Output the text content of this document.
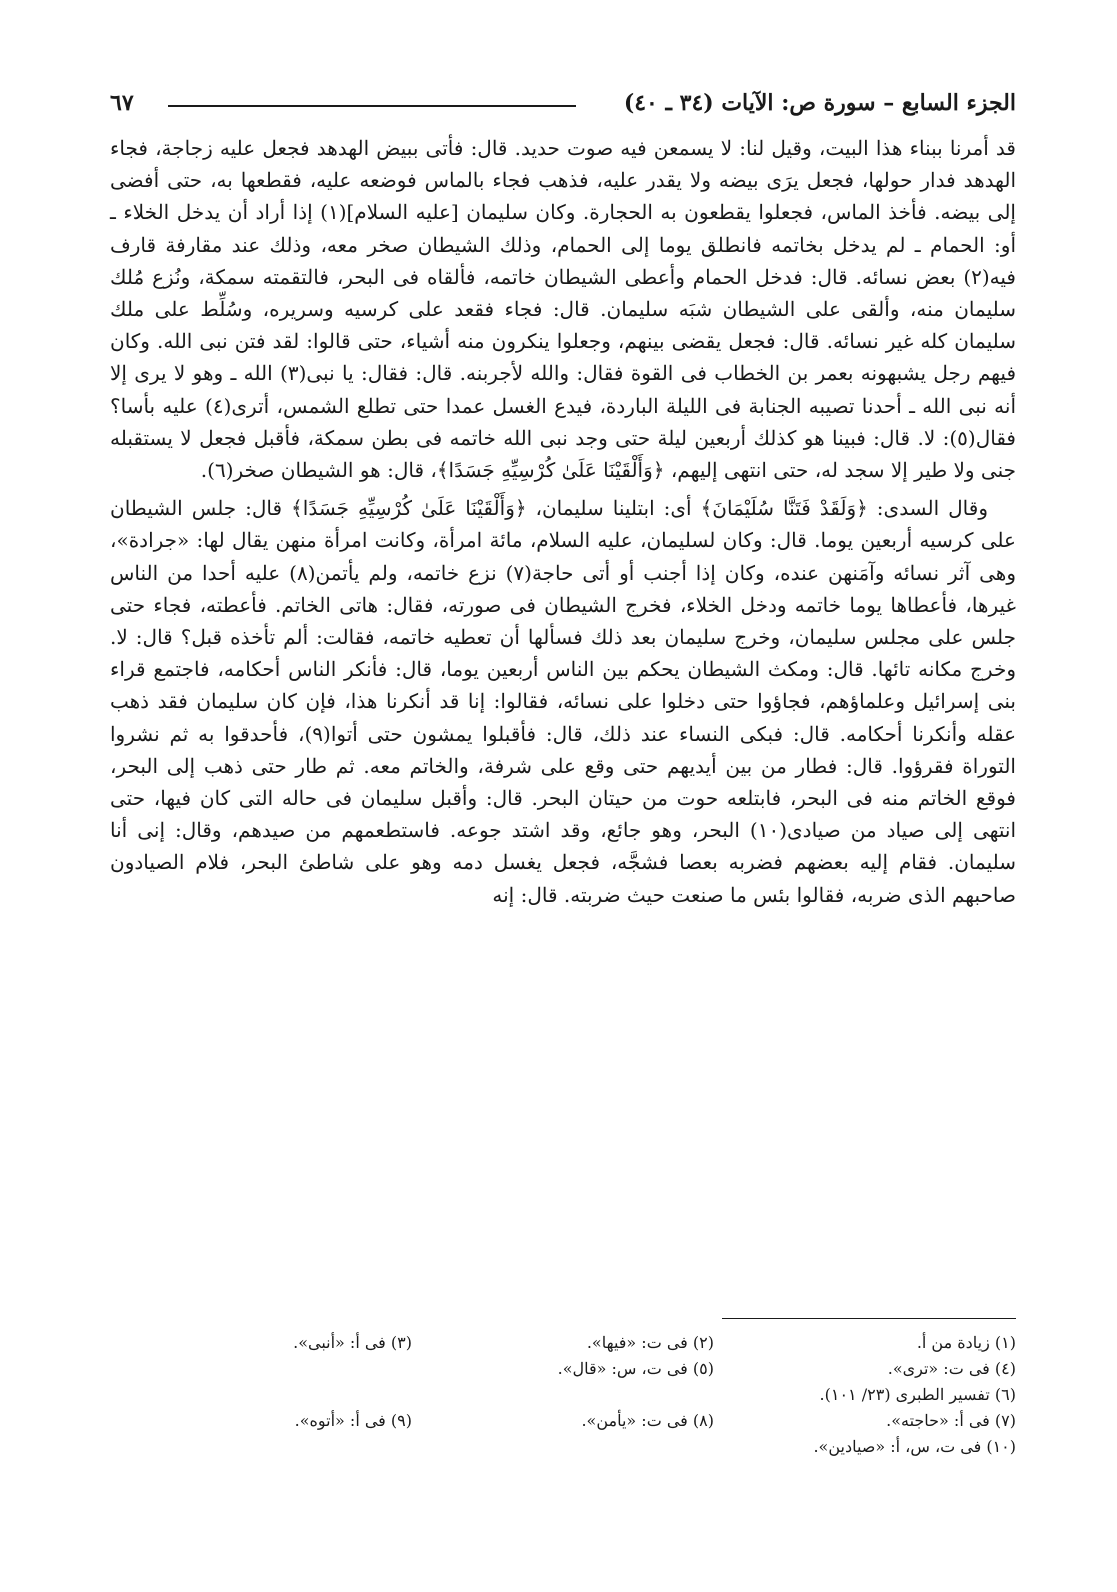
الجزء السابع – سورة ص: الآيات (٣٤ ـ ٤٠)
٦٧

قد أمرنا ببناء هذا البيت، وقيل لنا: لا يسمعن فيه صوت حديد. قال: فأتى ببيض الهدهد فجعل عليه زجاجة، فجاء الهدهد فدار حولها، فجعل يرَى بيضه ولا يقدر عليه، فذهب فجاء بالماس فوضعه عليه، فقطعها به، حتى أفضى إلى بيضه. فأخذ الماس، فجعلوا يقطعون به الحجارة. وكان سليمان [عليه السلام](١) إذا أراد أن يدخل الخلاء ـ أو: الحمام ـ لم يدخل بخاتمه فانطلق يوما إلى الحمام، وذلك الشيطان صخر معه، وذلك عند مقارفة قارف فيه(٢) بعض نسائه. قال: فدخل الحمام وأعطى الشيطان خاتمه، فألقاه فى البحر، فالتقمته سمكة، ونُزع مُلك سليمان منه، وألقى على الشيطان شبَه سليمان. قال: فجاء فقعد على كرسيه وسريره، وسُلِّط على ملك سليمان كله غير نسائه. قال: فجعل يقضى بينهم، وجعلوا ينكرون منه أشياء، حتى قالوا: لقد فتن نبى الله. وكان فيهم رجل يشبهونه بعمر بن الخطاب فى القوة فقال: والله لأجربنه. قال: فقال: يا نبى(٣) الله ـ وهو لا يرى إلا أنه نبى الله ـ أحدنا تصيبه الجنابة فى الليلة الباردة، فيدع الغسل عمدا حتى تطلع الشمس، أترى(٤) عليه بأسا؟ فقال(٥): لا. قال: فبينا هو كذلك أربعين ليلة حتى وجد نبى الله خاتمه فى بطن سمكة، فأقبل فجعل لا يستقبله جنى ولا طير إلا سجد له، حتى انتهى إليهم، ﴿وَأَلْقَيْنَا عَلَىٰ كُرْسِيِّهِ جَسَدًا﴾، قال: هو الشيطان صخر(٦).

وقال السدى: ﴿وَلَقَدْ فَتَنَّا سُلَيْمَانَ﴾ أى: ابتلينا سليمان، ﴿وَأَلْقَيْنَا عَلَىٰ كُرْسِيِّهِ جَسَدًا﴾ قال: جلس الشيطان على كرسيه أربعين يوما. قال: وكان لسليمان، عليه السلام، مائة امرأة، وكانت امرأة منهن يقال لها: «جرادة»، وهى آثر نسائه وآمَنهن عنده، وكان إذا أجنب أو أتى حاجة(٧) نزع خاتمه، ولم يأتمن(٨) عليه أحدا من الناس غيرها، فأعطاها يوما خاتمه ودخل الخلاء، فخرج الشيطان فى صورته، فقال: هاتى الخاتم. فأعطته، فجاء حتى جلس على مجلس سليمان، وخرج سليمان بعد ذلك فسألها أن تعطيه خاتمه، فقالت: ألم تأخذه قبل؟ قال: لا. وخرج مكانه تائها. قال: ومكث الشيطان يحكم بين الناس أربعين يوما، قال: فأنكر الناس أحكامه، فاجتمع قراء بنى إسرائيل وعلماؤهم، فجاؤوا حتى دخلوا على نسائه، فقالوا: إنا قد أنكرنا هذا، فإن كان سليمان فقد ذهب عقله وأنكرنا أحكامه. قال: فبكى النساء عند ذلك، قال: فأقبلوا يمشون حتى أتوا(٩)، فأحدقوا به ثم نشروا التوراة فقرؤوا. قال: فطار من بين أيديهم حتى وقع على شرفة، والخاتم معه. ثم طار حتى ذهب إلى البحر، فوقع الخاتم منه فى البحر، فابتلعه حوت من حيتان البحر. قال: وأقبل سليمان فى حاله التى كان فيها، حتى انتهى إلى صياد من صيادى(١٠) البحر، وهو جائع، وقد اشتد جوعه. فاستطعمهم من صيدهم، وقال: إنى أنا سليمان. فقام إليه بعضهم فضربه بعصا فشجَّه، فجعل يغسل دمه وهو على شاطئ البحر، فلام الصيادون صاحبهم الذى ضربه، فقالوا بئس ما صنعت حيث ضربته. قال: إنه

(١) زيادة من أ.
(٢) فى ت: «فيها».
(٣) فى أ: «أنبى».
(٤) فى ت: «ترى».
(٥) فى ت، س: «قال».
(٦) تفسير الطبرى (٢٣/ ١٠١).
(٧) فى أ: «حاجته».
(٨) فى ت: «يأمن».
(٩) فى أ: «أتوه».
(١٠) فى ت، س، أ: «صيادين».
